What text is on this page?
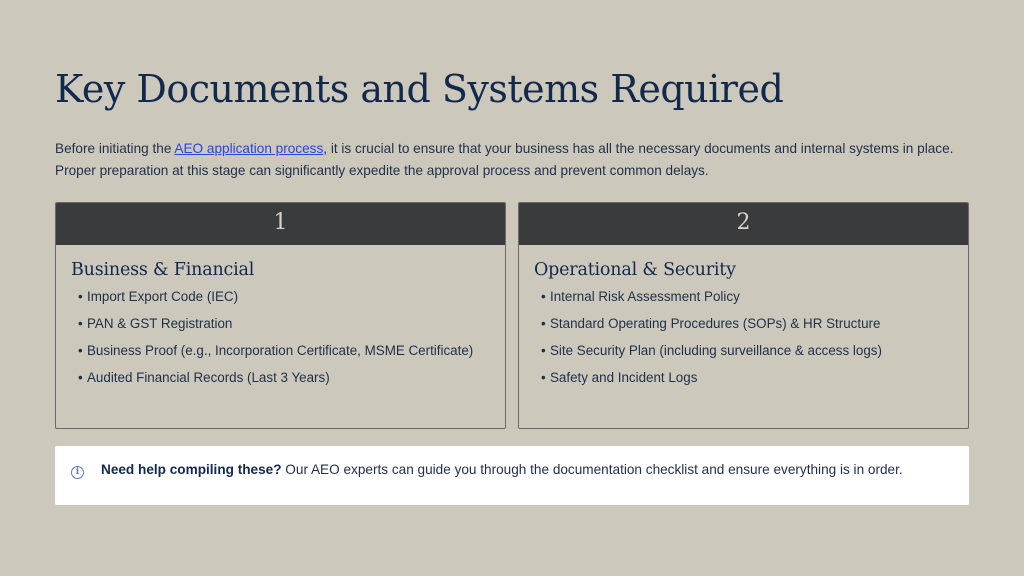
Key Documents and Systems Required

Before initiating the AEO application process, it is crucial to ensure that your business has all the necessary documents and internal systems in place. Proper preparation at this stage can significantly expedite the approval process and prevent common delays.

1
Business & Financial
• Import Export Code (IEC)
• PAN & GST Registration
• Business Proof (e.g., Incorporation Certificate, MSME Certificate)
• Audited Financial Records (Last 3 Years)
2
Operational & Security
• Internal Risk Assessment Policy
• Standard Operating Procedures (SOPs) & HR Structure
• Site Security Plan (including surveillance & access logs)
• Safety and Incident Logs
i	Need help compiling these? Our AEO experts can guide you through the documentation checklist and ensure everything is in order.
